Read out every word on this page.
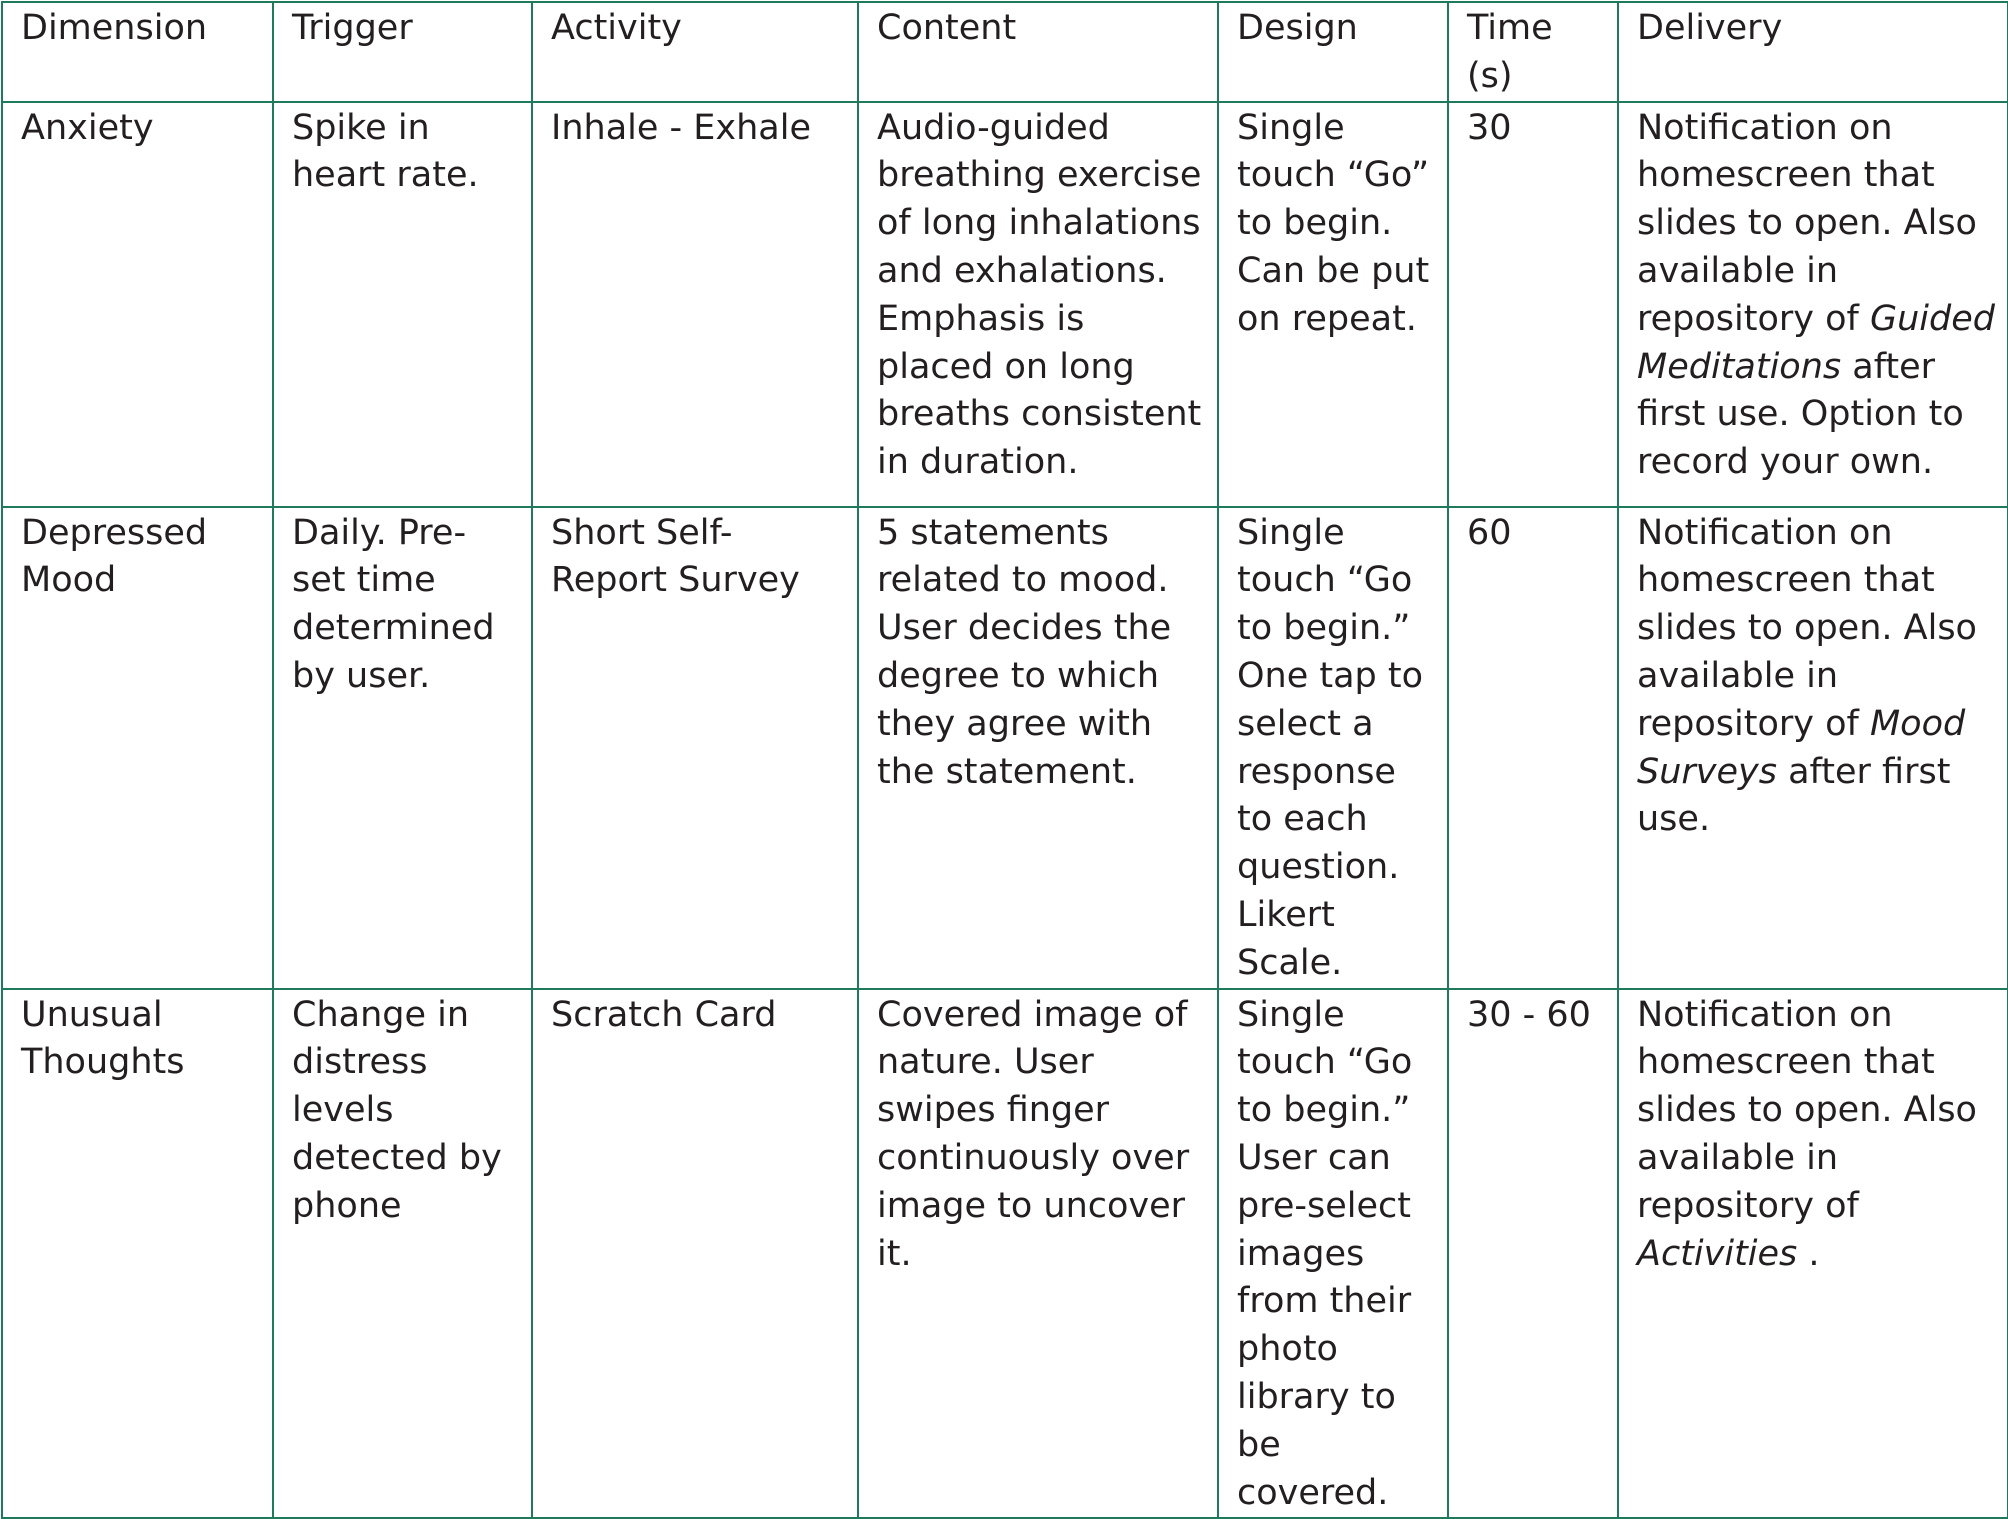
Dimension	Trigger	Activity	Content	Design	Time (s)	Delivery
Anxiety	Spike in heart rate.	Inhale - Exhale	Audio-guided breathing exercise of long inhalations and exhalations. Emphasis is placed on long breaths consistent in duration.	Single touch “Go” to begin. Can be put on repeat.	30	Notification on homescreen that slides to open. Also available in repository of Guided Meditations after first use. Option to record your own.
Depressed Mood	Daily. Pre-set time determined by user.	Short Self-Report Survey	5 statements related to mood. User decides the degree to which they agree with the statement.	Single touch “Go to begin.” One tap to select a response to each question. Likert Scale.	60	Notification on homescreen that slides to open. Also available in repository of Mood Surveys after first use.
Unusual Thoughts	Change in distress levels detected by phone	Scratch Card	Covered image of nature. User swipes finger continuously over image to uncover it.	Single touch “Go to begin.” User can pre-select images from their photo library to be covered.	30 - 60	Notification on homescreen that slides to open. Also available in repository of Activities .
